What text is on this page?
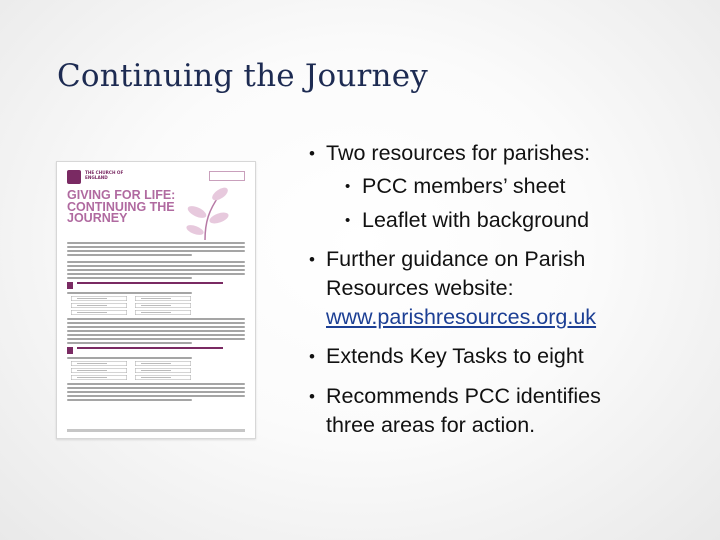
Continuing the Journey
THE CHURCH OF ENGLAND
GIVING FOR LIFE: CONTINUING THE JOURNEY
• Two resources for parishes:
• PCC members’ sheet
• Leaflet with background
• Further guidance on Parish
Resources website:
www.parishresources.org.uk
• Extends Key Tasks to eight
• Recommends PCC identifies
three areas for action.
